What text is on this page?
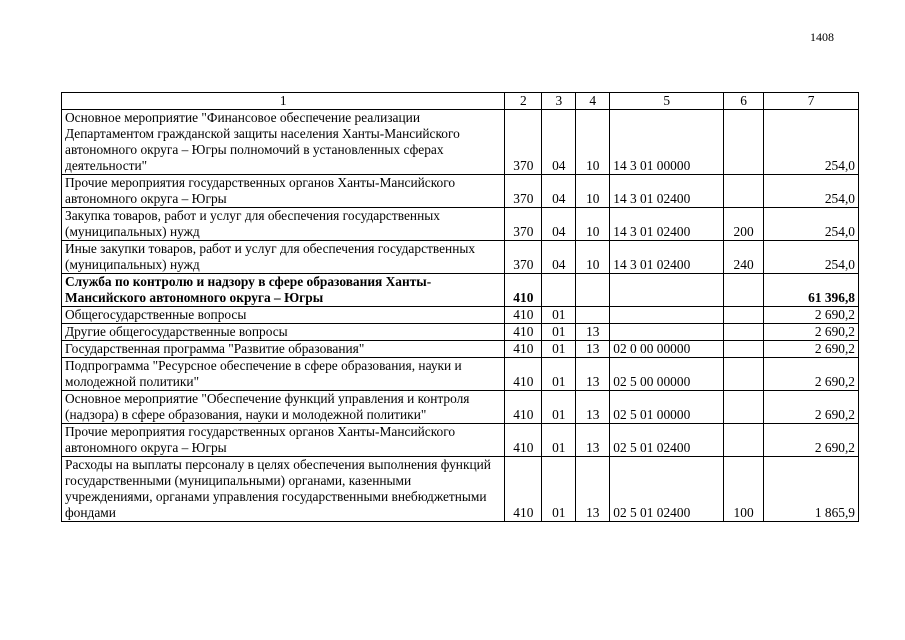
1408
1	2	3	4	5	6	7
Основное мероприятие "Финансовое обеспечение реализации Департаментом гражданской защиты населения Ханты-Мансийского автономного округа – Югры полномочий в установленных сферах деятельности"	370	04	10	14 3 01 00000		254,0
Прочие мероприятия государственных органов Ханты-Мансийского автономного округа – Югры	370	04	10	14 3 01 02400		254,0
Закупка товаров, работ и услуг для обеспечения государственных (муниципальных) нужд	370	04	10	14 3 01 02400	200	254,0
Иные закупки товаров, работ и услуг для обеспечения государственных (муниципальных) нужд	370	04	10	14 3 01 02400	240	254,0
Служба по контролю и надзору в сфере образования Ханты-Мансийского автономного округа – Югры	410					61 396,8
Общегосударственные вопросы	410	01				2 690,2
Другие общегосударственные вопросы	410	01	13			2 690,2
Государственная программа "Развитие образования"	410	01	13	02 0 00 00000		2 690,2
Подпрограмма "Ресурсное обеспечение в сфере образования, науки и молодежной политики"	410	01	13	02 5 00 00000		2 690,2
Основное мероприятие "Обеспечение функций управления и контроля (надзора) в сфере образования, науки и молодежной политики"	410	01	13	02 5 01 00000		2 690,2
Прочие мероприятия государственных органов Ханты-Мансийского автономного округа – Югры	410	01	13	02 5 01 02400		2 690,2
Расходы на выплаты персоналу в целях обеспечения выполнения функций государственными (муниципальными) органами, казенными учреждениями, органами управления государственными внебюджетными фондами	410	01	13	02 5 01 02400	100	1 865,9
